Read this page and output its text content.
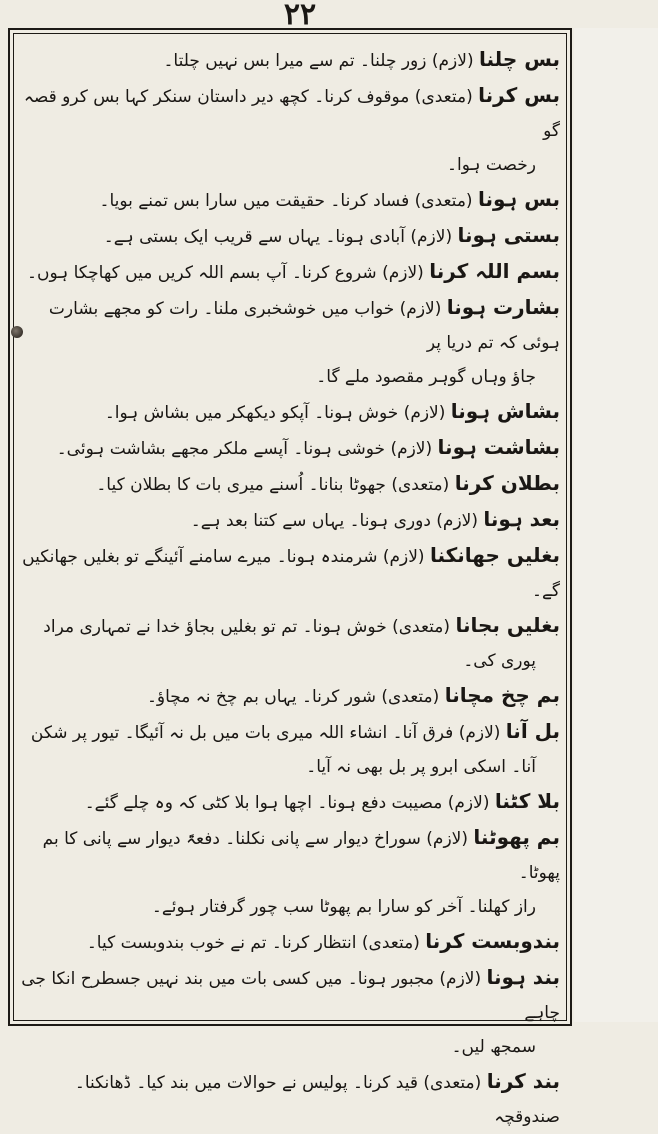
۲۲

بس چلنا (لازم) زور چلنا۔ تم سے میرا بس نہیں چلتا۔

بس کرنا (متعدی) موقوف کرنا۔ کچھ دیر داستان سنکر کہا بس کرو قصہ گو
رخصت ہوا۔

بس ہونا (متعدی) فساد کرنا۔ حقیقت میں سارا بس تمنے بویا۔

بستی ہونا (لازم) آبادی ہونا۔ یہاں سے قریب ایک بستی ہے۔

بسم اللہ کرنا (لازم) شروع کرنا۔ آپ بسم اللہ کریں میں کھاچکا ہوں۔

بشارت ہونا (لازم) خواب میں خوشخبری ملنا۔ رات کو مجھے بشارت ہوئی کہ تم دریا پر
جاؤ وہاں گوہر مقصود ملے گا۔

بشاش ہونا (لازم) خوش ہونا۔ آپکو دیکھکر میں بشاش ہوا۔

بشاشت ہونا (لازم) خوشی ہونا۔ آپسے ملکر مجھے بشاشت ہوئی۔

بطلان کرنا (متعدی) جھوٹا بنانا۔ اُسنے میری بات کا بطلان کیا۔

بعد ہونا (لازم) دوری ہونا۔ یہاں سے کتنا بعد ہے۔

بغلیں جھانکنا (لازم) شرمندہ ہونا۔ میرے سامنے آئینگے تو بغلیں جھانکیں گے۔

بغلیں بجانا (متعدی) خوش ہونا۔ تم تو بغلیں بجاؤ خدا نے تمہاری مراد
پوری کی۔

بم چخ مچانا (متعدی) شور کرنا۔ یہاں بم چخ نہ مچاؤ۔

بل آنا (لازم) فرق آنا۔ انشاء اللہ میری بات میں بل نہ آئیگا۔ تیور پر شکن
آنا۔ اسکی ابرو پر بل بھی نہ آیا۔

بلا کٹنا (لازم) مصیبت دفع ہونا۔ اچھا ہوا بلا کٹی کہ وہ چلے گئے۔

بم پھوٹنا (لازم) سوراخ دیوار سے پانی نکلنا۔ دفعۃً دیوار سے پانی کا بم پھوٹا۔
راز کھلنا۔ آخر کو سارا بم پھوٹا سب چور گرفتار ہوئے۔

بندوبست کرنا (متعدی) انتظار کرنا۔ تم نے خوب بندوبست کیا۔

بند ہونا (لازم) مجبور ہونا۔ میں کسی بات میں بند نہیں جسطرح انکا جی چاہے
سمجھ لیں۔

بند کرنا (متعدی) قید کرنا۔ پولیس نے حوالات میں بند کیا۔ ڈھانکنا۔ صندوقچہ
